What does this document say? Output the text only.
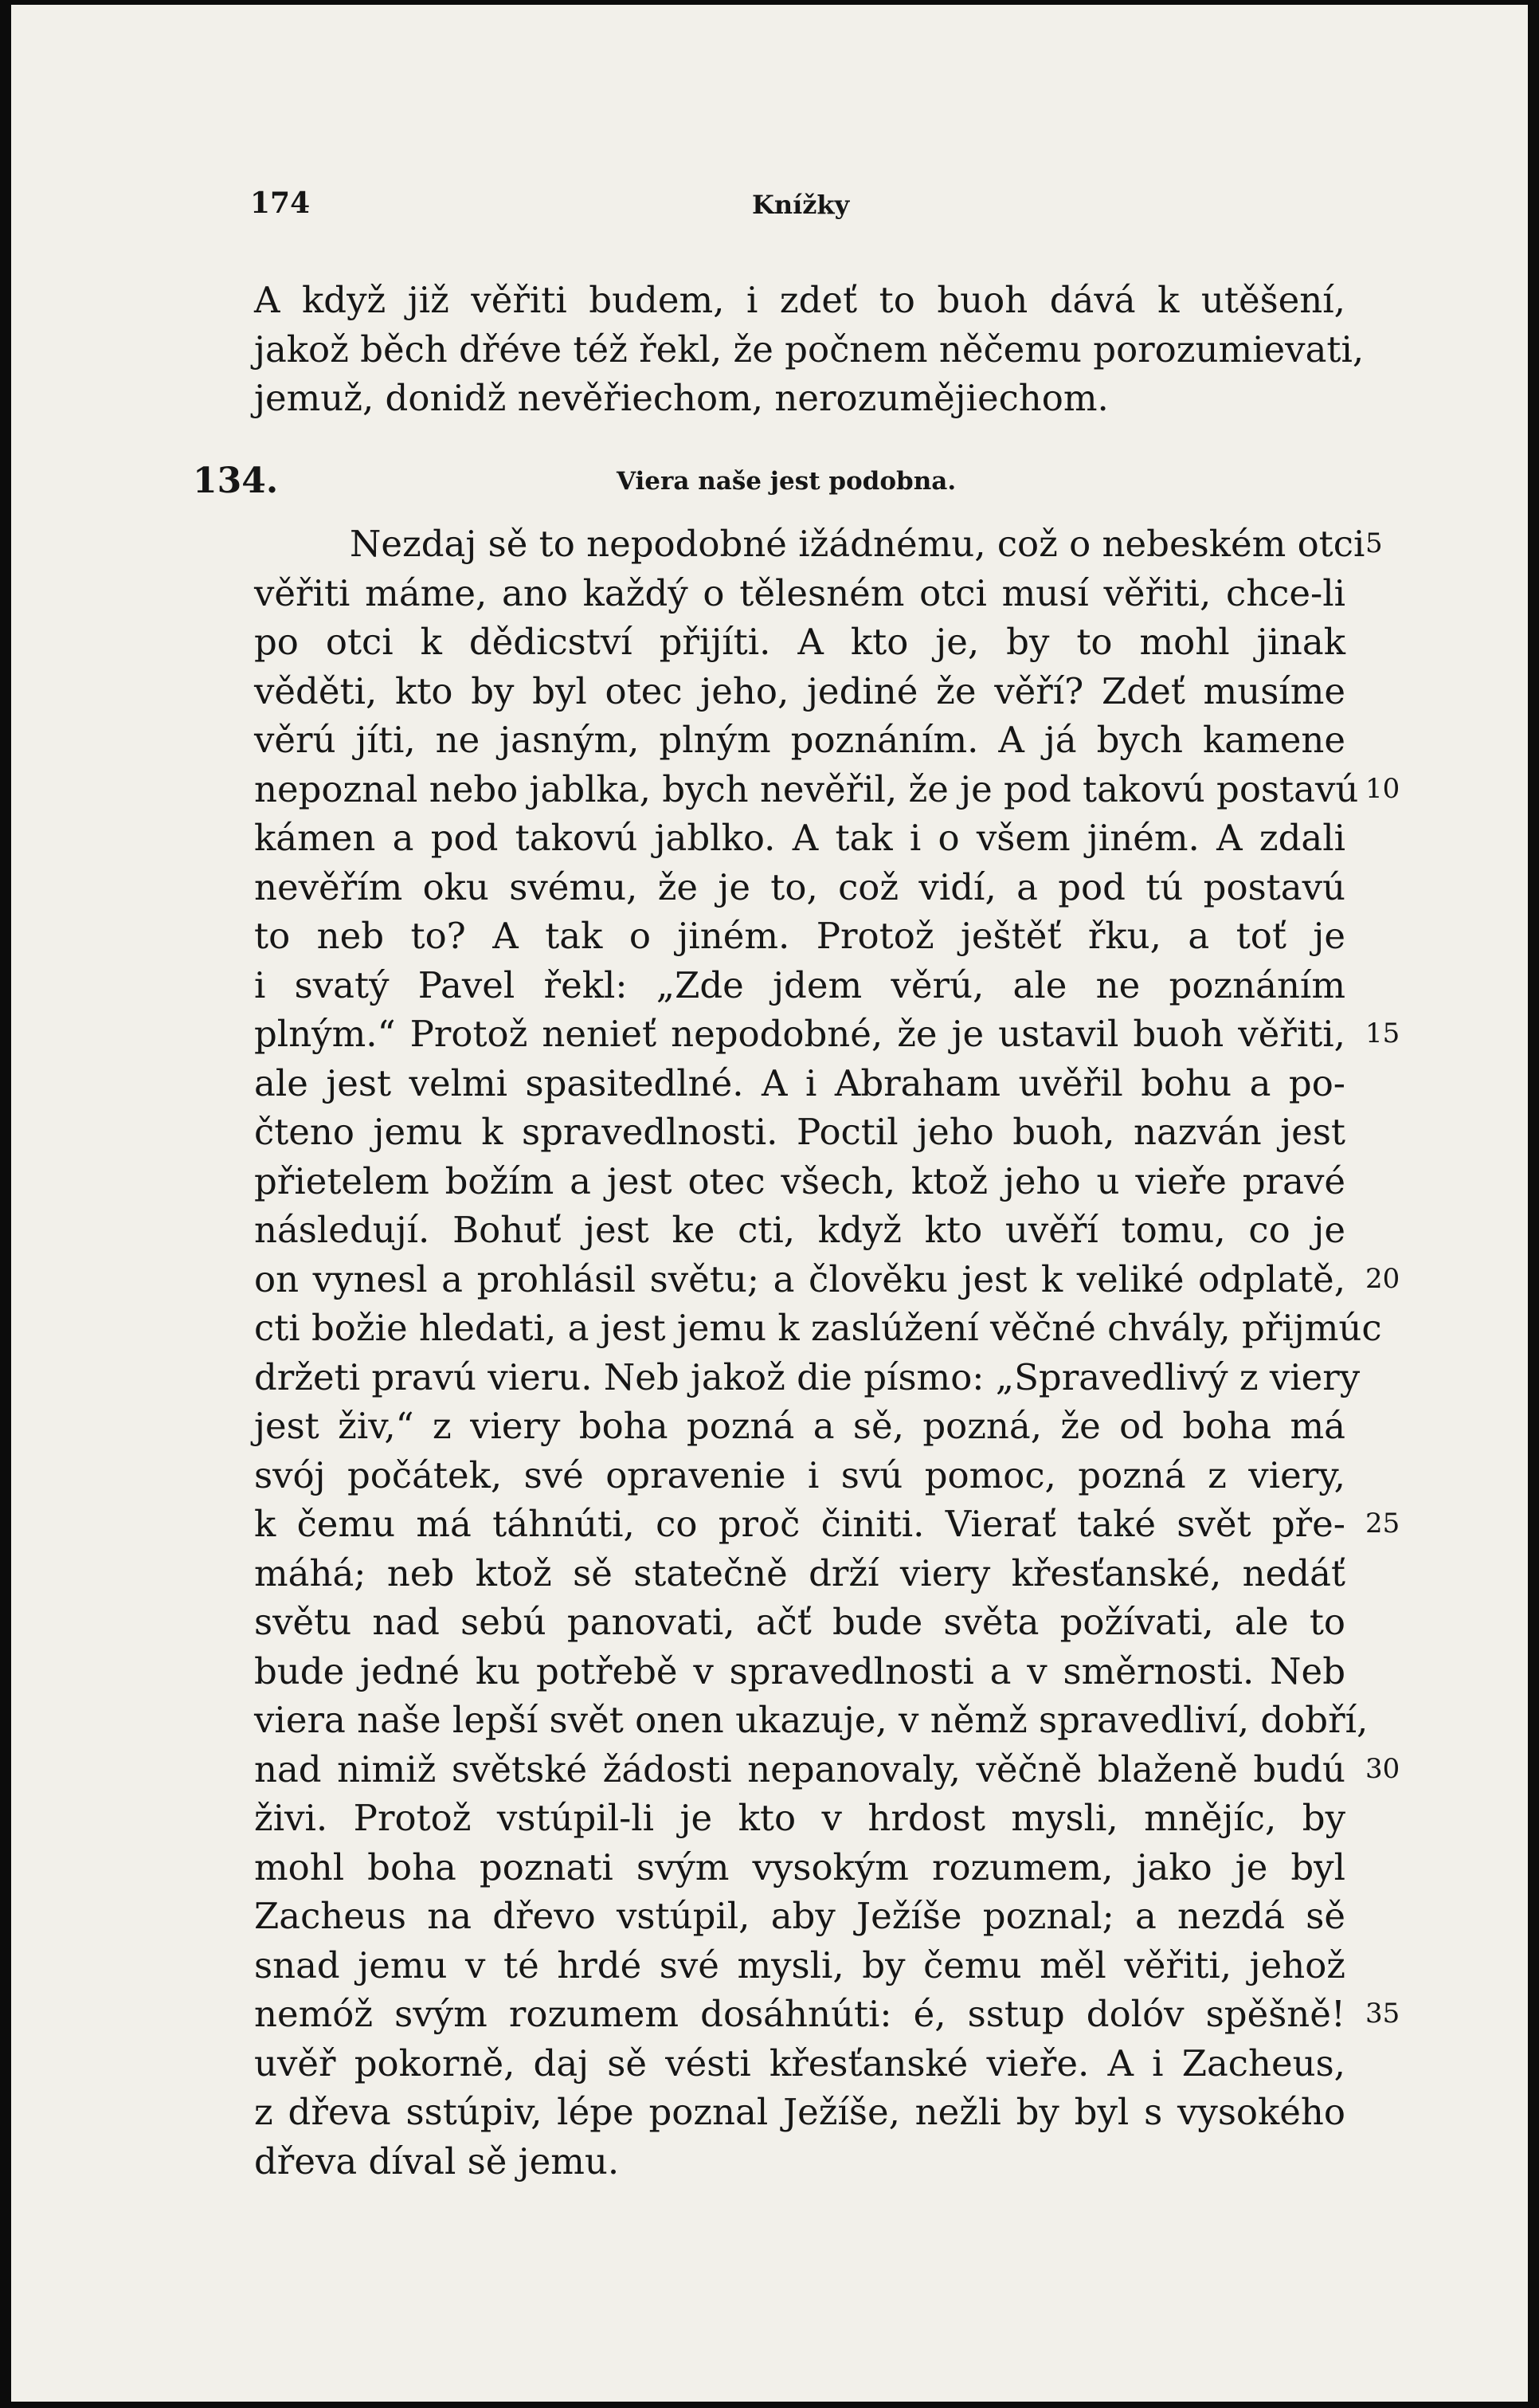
174	Knížky
A když již věřiti budem, i zdeť to buoh dává k utěšení,
jakož běch dřéve též řekl, že počnem něčemu porozumievati,
jemuž, donidž nevěřiechom, nerozumějiechom.
134.	Viera naše jest podobna.
Nezdaj sě to nepodobné ižádnému, což o nebeském otci
věřiti máme, ano každý o tělesném otci musí věřiti, chce-li
po otci k dědicství přijíti. A kto je, by to mohl jinak
věděti, kto by byl otec jeho, jediné že věří? Zdeť musíme
věrú jíti, ne jasným, plným poznáním. A já bych kamene
nepoznal nebo jablka, bych nevěřil, že je pod takovú postavú
kámen a pod takovú jablko. A tak i o všem jiném. A zdali
nevěřím oku svému, že je to, což vidí, a pod tú postavú
to neb to? A tak o jiném. Protož ještěť řku, a toť je
i svatý Pavel řekl: „Zde jdem věrú, ale ne poznáním
plným.“ Protož nenieť nepodobné, že je ustavil buoh věřiti,
ale jest velmi spasitedlné. A i Abraham uvěřil bohu a po-
čteno jemu k spravedlnosti. Poctil jeho buoh, nazván jest
přietelem božím a jest otec všech, ktož jeho u vieře pravé
následují. Bohuť jest ke cti, když kto uvěří tomu, co je
on vynesl a prohlásil světu; a člověku jest k veliké odplatě,
cti božie hledati, a jest jemu k zaslúžení věčné chvály, přijmúc
držeti pravú vieru. Neb jakož die písmo: „Spravedlivý z viery
jest živ,“ z viery boha pozná a sě, pozná, že od boha má
svój počátek, své opravenie i svú pomoc, pozná z viery,
k čemu má táhnúti, co proč činiti. Vierať také svět pře-
máhá; neb ktož sě statečně drží viery křesťanské, nedáť
světu nad sebú panovati, ačť bude světa požívati, ale to
bude jedné ku potřebě v spravedlnosti a v směrnosti. Neb
viera naše lepší svět onen ukazuje, v němž spravedliví, dobří,
nad nimiž světské žádosti nepanovaly, věčně blaženě budú
živi. Protož vstúpil-li je kto v hrdost mysli, mnějíc, by
mohl boha poznati svým vysokým rozumem, jako je byl
Zacheus na dřevo vstúpil, aby Ježíše poznal; a nezdá sě
snad jemu v té hrdé své mysli, by čemu měl věřiti, jehož
nemóž svým rozumem dosáhnúti: é, sstup dolóv spěšně!
uvěř pokorně, daj sě vésti křesťanské vieře. A i Zacheus,
z dřeva sstúpiv, lépe poznal Ježíše, nežli by byl s vysokého
dřeva díval sě jemu.
5
10
15
20
25
30
35
